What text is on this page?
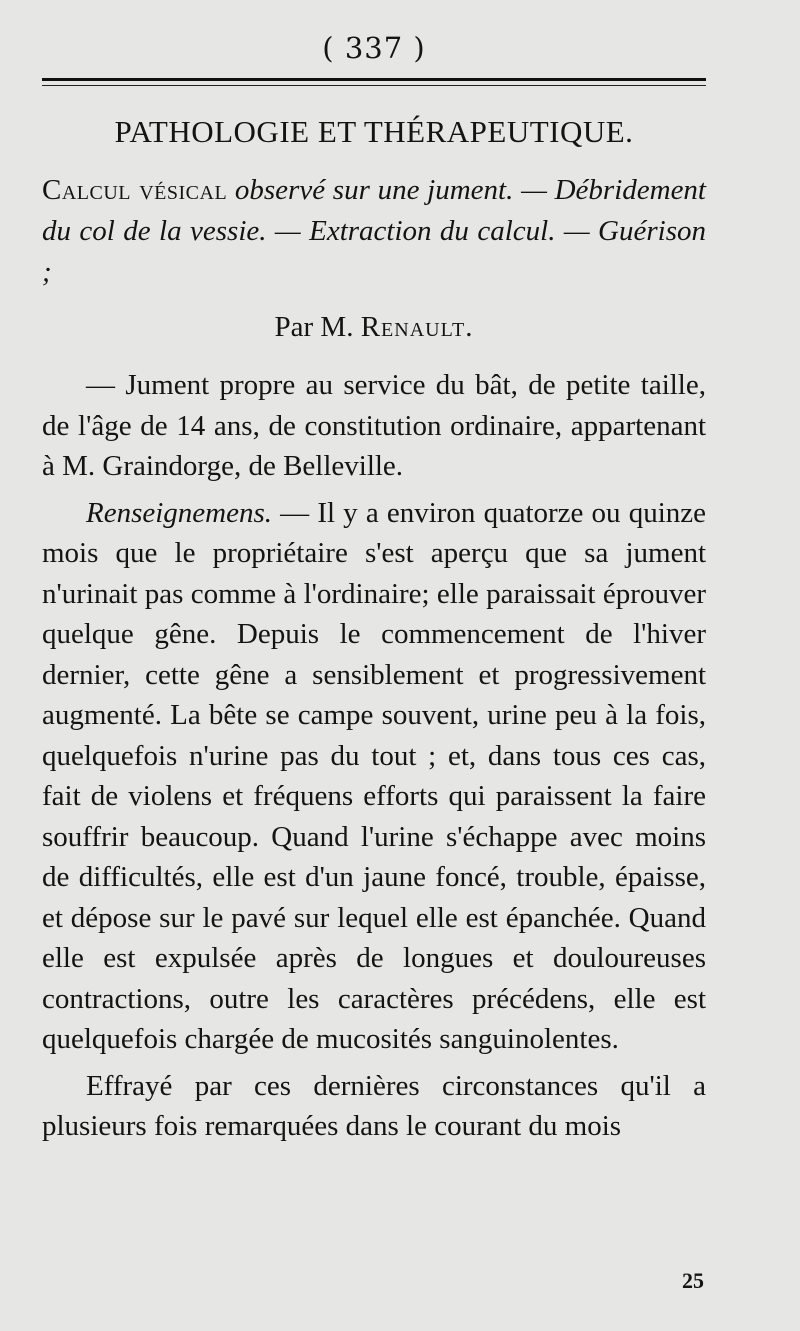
( 337 )
PATHOLOGIE ET THÉRAPEUTIQUE.
Calcul vésical observé sur une jument. — Débridement du col de la vessie. — Extraction du calcul. — Guérison ;
Par M. Renault.

— Jument propre au service du bât, de petite taille, de l'âge de 14 ans, de constitution ordinaire, appartenant à M. Graindorge, de Belleville.

Renseignemens. — Il y a environ quatorze ou quinze mois que le propriétaire s'est aperçu que sa jument n'urinait pas comme à l'ordinaire; elle paraissait éprouver quelque gêne. Depuis le commencement de l'hiver dernier, cette gêne a sensiblement et progressivement augmenté. La bête se campe souvent, urine peu à la fois, quelquefois n'urine pas du tout ; et, dans tous ces cas, fait de violens et fréquens efforts qui paraissent la faire souffrir beaucoup. Quand l'urine s'échappe avec moins de difficultés, elle est d'un jaune foncé, trouble, épaisse, et dépose sur le pavé sur lequel elle est épanchée. Quand elle est expulsée après de longues et douloureuses contractions, outre les caractères précédens, elle est quelquefois chargée de mucosités sanguinolentes.

Effrayé par ces dernières circonstances qu'il a plusieurs fois remarquées dans le courant du mois

25
